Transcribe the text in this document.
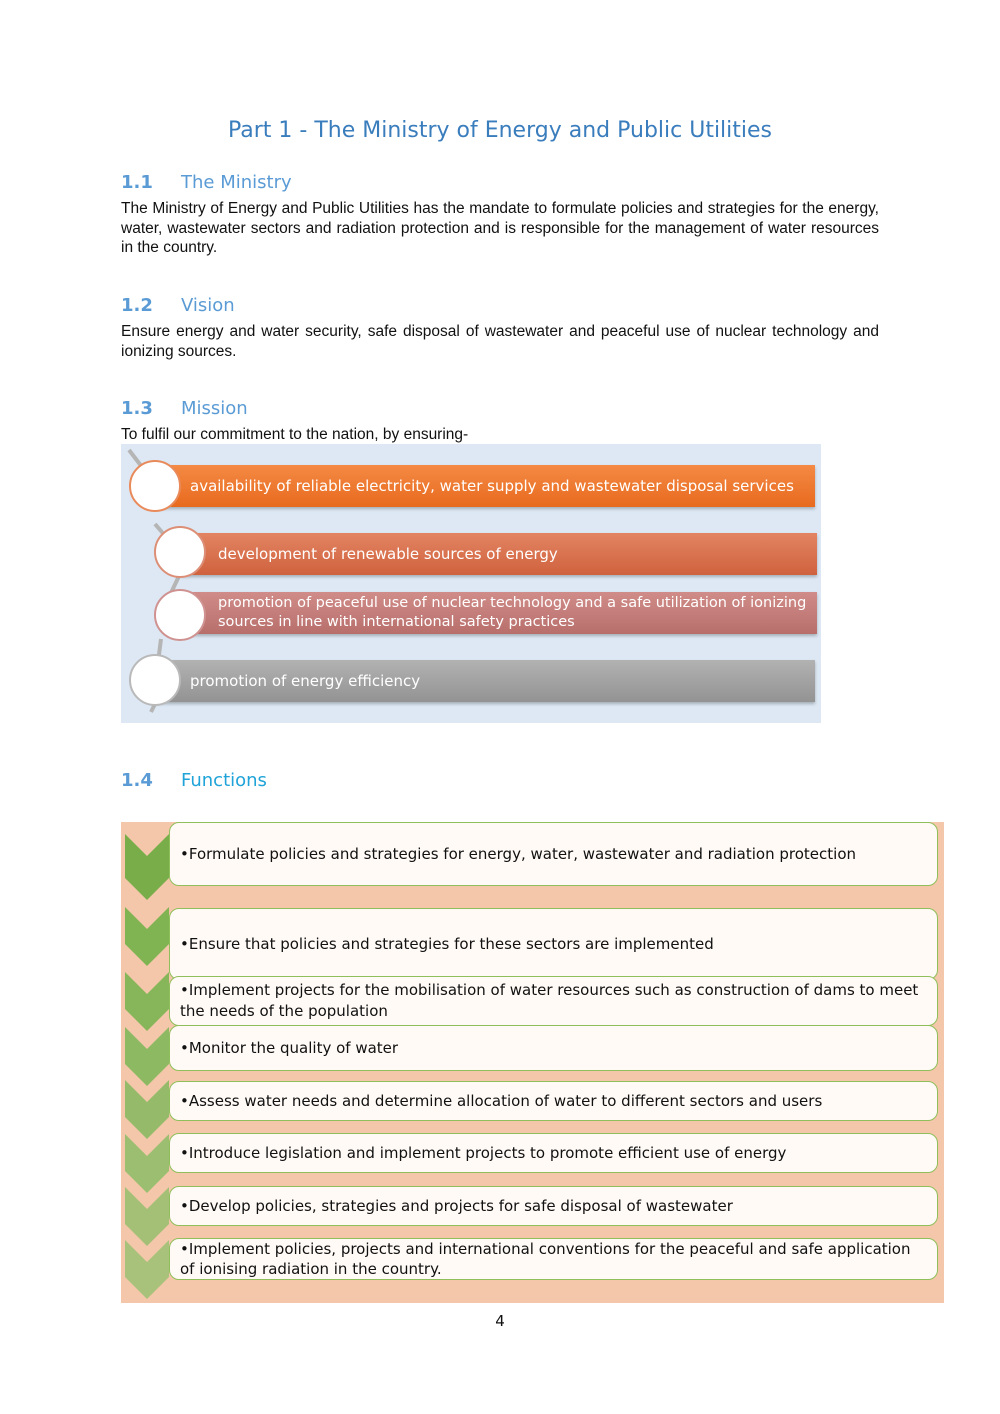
Part 1 - The Ministry of Energy and Public Utilities
1.1 The Ministry
The Ministry of Energy and Public Utilities has the mandate to formulate policies and strategies for the energy, water, wastewater sectors and radiation protection and is responsible for the management of water resources in the country.
1.2 Vision
Ensure energy and water security, safe disposal of wastewater and peaceful use of nuclear technology and ionizing sources.
1.3 Mission
To fulfil our commitment to the nation, by ensuring-
availability of reliable electricity, water supply and wastewater disposal services
development of renewable sources of energy
promotion of peaceful use of nuclear technology and a safe utilization of ionizing sources in line with international safety practices
promotion of energy efficiency
1.4 Functions
•Formulate policies and strategies for energy, water, wastewater and radiation protection
•Ensure that policies and strategies for these sectors are implemented
•Implement projects for the mobilisation of water resources such as construction of dams to meet the needs of the population
•Monitor the quality of water
•Assess water needs and determine allocation of water to different sectors and users
•Introduce legislation and implement projects to promote efficient use of energy
•Develop policies, strategies and projects for safe disposal of wastewater
•Implement policies, projects and international conventions for the peaceful and safe application of ionising radiation in the country.
4
